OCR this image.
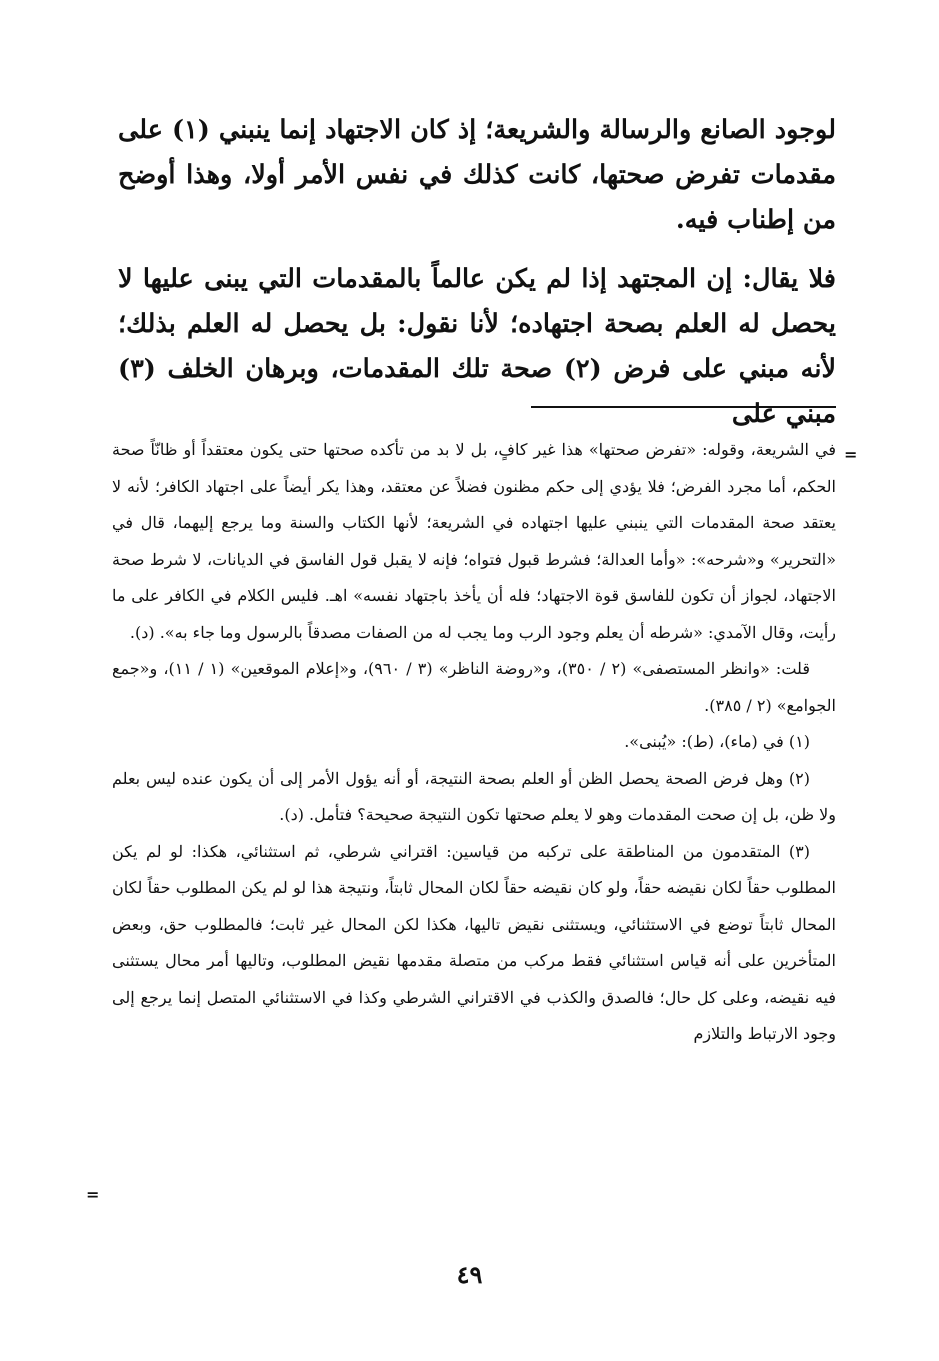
لوجود الصانع والرسالة والشريعة؛ إذ كان الاجتهاد إنما ينبني (١) على مقدمات تفرض صحتها، كانت كذلك في نفس الأمر أولا، وهذا أوضح من إطناب فيه.

فلا يقال: إن المجتهد إذا لم يكن عالماً بالمقدمات التي يبنى عليها لا يحصل له العلم بصحة اجتهاده؛ لأنا نقول: بل يحصل له العلم بذلك؛ لأنه مبني على فرض (٢) صحة تلك المقدمات، وبرهان الخلف (٣) مبني على

=

في الشريعة، وقوله: «تفرض صحتها» هذا غير كافٍ، بل لا بد من تأكده صحتها حتى يكون معتقداً أو ظانّاً صحة الحكم، أما مجرد الفرض؛ فلا يؤدي إلى حكم مظنون فضلاً عن معتقد، وهذا يكر أيضاً على اجتهاد الكافر؛ لأنه لا يعتقد صحة المقدمات التي ينبني عليها اجتهاده في الشريعة؛ لأنها الكتاب والسنة وما يرجع إليهما، قال في «التحرير» و«شرحه»: «وأما العدالة؛ فشرط قبول فتواه؛ فإنه لا يقبل قول الفاسق في الديانات، لا شرط صحة الاجتهاد، لجواز أن تكون للفاسق قوة الاجتهاد؛ فله أن يأخذ باجتهاد نفسه» اهـ. فليس الكلام في الكافر على ما رأيت، وقال الآمدي: «شرطه أن يعلم وجود الرب وما يجب له من الصفات مصدقاً بالرسول وما جاء به». (د).

قلت: «وانظر المستصفى» (٢ / ٣٥٠)، و«روضة الناظر» (٣ / ٩٦٠)، و«إعلام الموقعين» (١ / ١١)، و«جمع الجوامع» (٢ / ٣٨٥).

(١) في (ماء)، (ط): «يُبنى».

(٢) وهل فرض الصحة يحصل الظن أو العلم بصحة النتيجة، أو أنه يؤول الأمر إلى أن يكون عنده ليس بعلم ولا ظن، بل إن صحت المقدمات وهو لا يعلم صحتها تكون النتيجة صحيحة؟ فتأمل. (د).

(٣) المتقدمون من المناطقة على تركبه من قياسين: اقتراني شرطي، ثم استثنائي، هكذا: لو لم يكن المطلوب حقاً لكان نقيضه حقاً، ولو كان نقيضه حقاً لكان المحال ثابتاً، ونتيجة هذا لو لم يكن المطلوب حقاً لكان المحال ثابتاً توضع في الاستثنائي، ويستثنى نقيض تاليها، هكذا لكن المحال غير ثابت؛ فالمطلوب حق، وبعض المتأخرين على أنه قياس استثنائي فقط مركب من متصلة مقدمها نقيض المطلوب، وتاليها أمر محال يستثنى فيه نقيضه، وعلى كل حال؛ فالصدق والكذب في الاقتراني الشرطي وكذا في الاستثنائي المتصل إنما يرجع إلى وجود الارتباط والتلازم

=
٤٩
